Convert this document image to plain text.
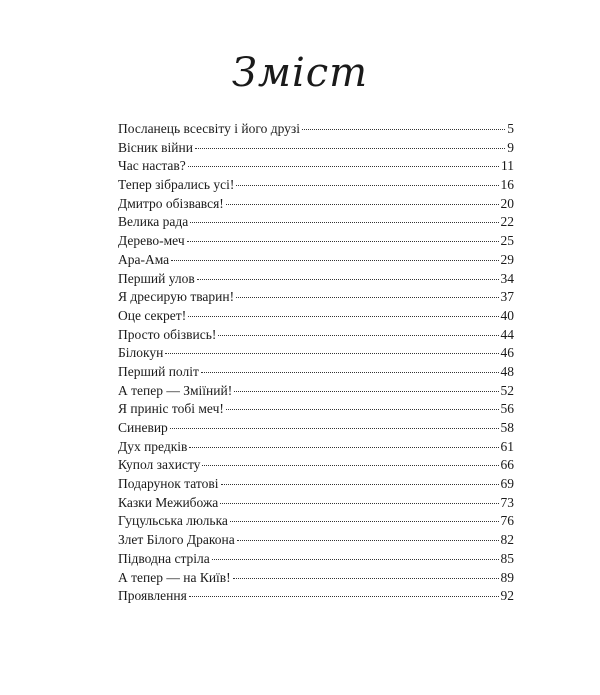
Зміст
Посланець всесвіту і його друзі	5
Вісник війни	9
Час настав?	11
Тепер зібрались усі!	16
Дмитро обізвався!	20
Велика рада	22
Дерево-меч	25
Ара-Ама	29
Перший улов	34
Я дресирую тварин!	37
Оце секрет!	40
Просто обізвись!	44
Білокун	46
Перший політ	48
А тепер — Зміїний!	52
Я приніс тобі меч!	56
Синевир	58
Дух предків	61
Купол захисту	66
Подарунок татові	69
Казки Межибожа	73
Гуцульська люлька	76
Злет Білого Дракона	82
Підводна стріла	85
А тепер — на Київ!	89
Проявлення	92
